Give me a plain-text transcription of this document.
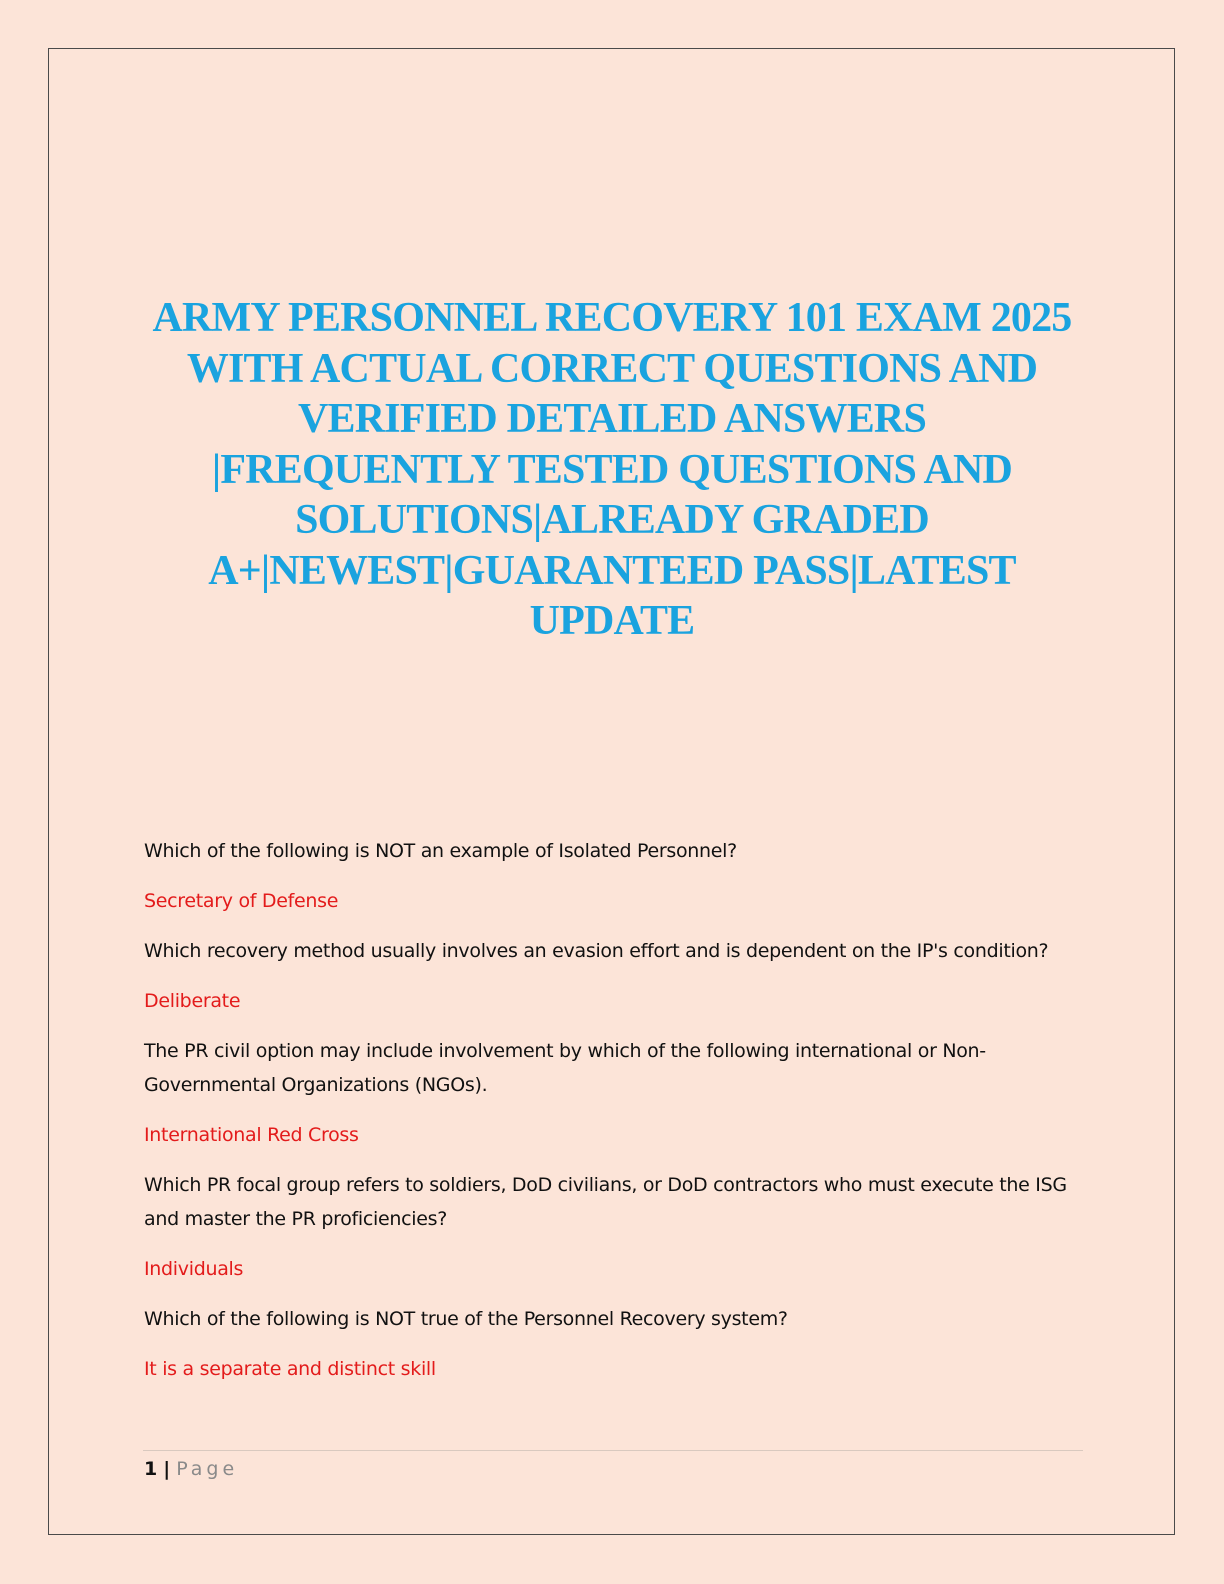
ARMY PERSONNEL RECOVERY 101 EXAM 2025 WITH ACTUAL CORRECT QUESTIONS AND VERIFIED DETAILED ANSWERS |FREQUENTLY TESTED QUESTIONS AND SOLUTIONS|ALREADY GRADED A+|NEWEST|GUARANTEED PASS|LATEST UPDATE

Which of the following is NOT an example of Isolated Personnel?

Secretary of Defense

Which recovery method usually involves an evasion effort and is dependent on the IP's condition?

Deliberate

The PR civil option may include involvement by which of the following international or Non-Governmental Organizations (NGOs).

International Red Cross

Which PR focal group refers to soldiers, DoD civilians, or DoD contractors who must execute the ISG and master the PR proficiencies?

Individuals

Which of the following is NOT true of the Personnel Recovery system?

It is a separate and distinct skill

1 | Page
